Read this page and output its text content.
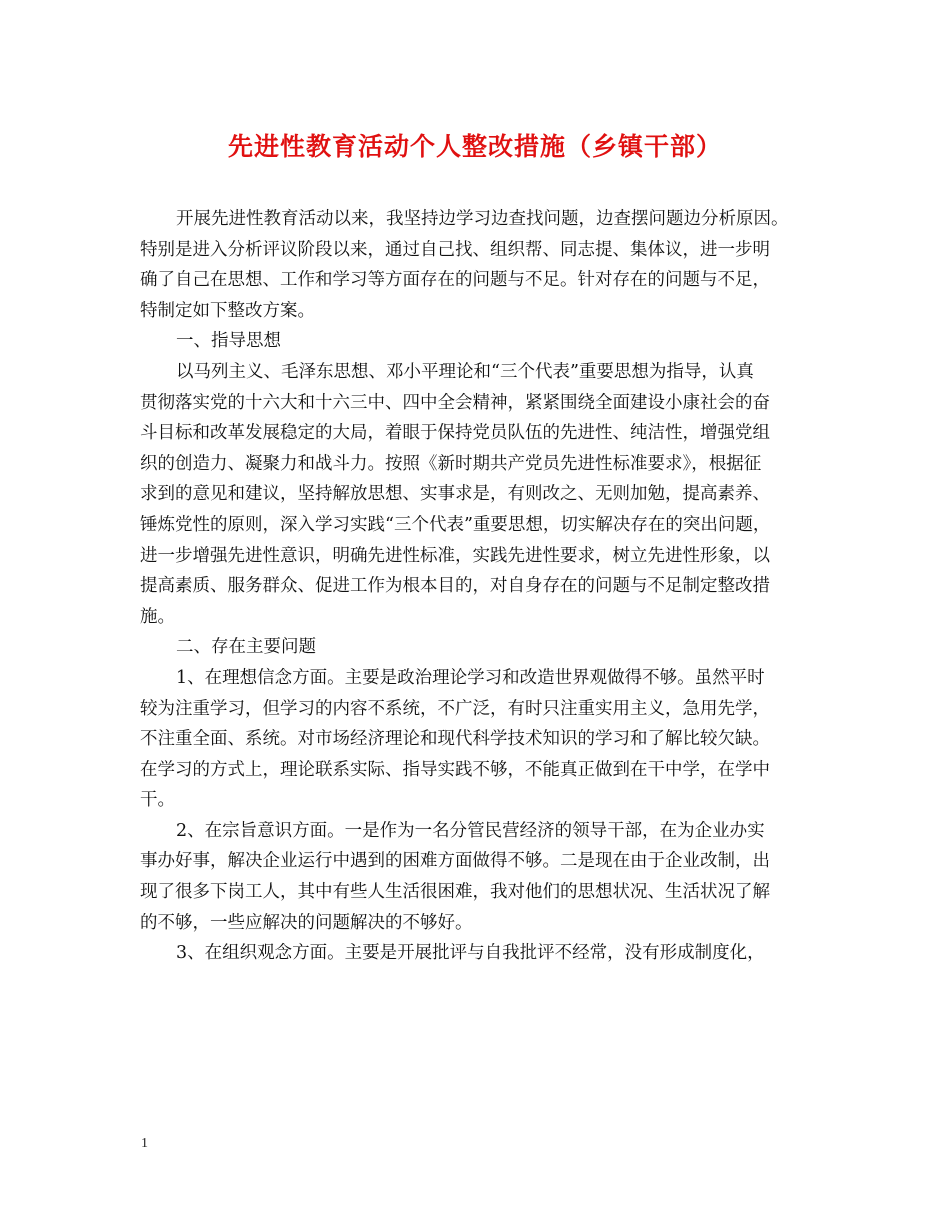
先进性教育活动个人整改措施（乡镇干部）
开展先进性教育活动以来，我坚持边学习边查找问题，边查摆问题边分析原因。
特别是进入分析评议阶段以来，通过自己找、组织帮、同志提、集体议，进一步明
确了自己在思想、工作和学习等方面存在的问题与不足。针对存在的问题与不足，
特制定如下整改方案。
一、指导思想
以马列主义、毛泽东思想、邓小平理论和“三个代表”重要思想为指导，认真
贯彻落实党的十六大和十六三中、四中全会精神，紧紧围绕全面建设小康社会的奋
斗目标和改革发展稳定的大局，着眼于保持党员队伍的先进性、纯洁性，增强党组
织的创造力、凝聚力和战斗力。按照《新时期共产党员先进性标准要求》，根据征
求到的意见和建议，坚持解放思想、实事求是，有则改之、无则加勉，提高素养、
锤炼党性的原则，深入学习实践“三个代表”重要思想，切实解决存在的突出问题，
进一步增强先进性意识，明确先进性标准，实践先进性要求，树立先进性形象，以
提高素质、服务群众、促进工作为根本目的，对自身存在的问题与不足制定整改措
施。
二、存在主要问题
1、在理想信念方面。主要是政治理论学习和改造世界观做得不够。虽然平时
较为注重学习，但学习的内容不系统，不广泛，有时只注重实用主义，急用先学，
不注重全面、系统。对市场经济理论和现代科学技术知识的学习和了解比较欠缺。
在学习的方式上，理论联系实际、指导实践不够，不能真正做到在干中学，在学中
干。
2、在宗旨意识方面。一是作为一名分管民营经济的领导干部，在为企业办实
事办好事，解决企业运行中遇到的困难方面做得不够。二是现在由于企业改制，出
现了很多下岗工人，其中有些人生活很困难，我对他们的思想状况、生活状况了解
的不够，一些应解决的问题解决的不够好。
3、在组织观念方面。主要是开展批评与自我批评不经常，没有形成制度化，
1
